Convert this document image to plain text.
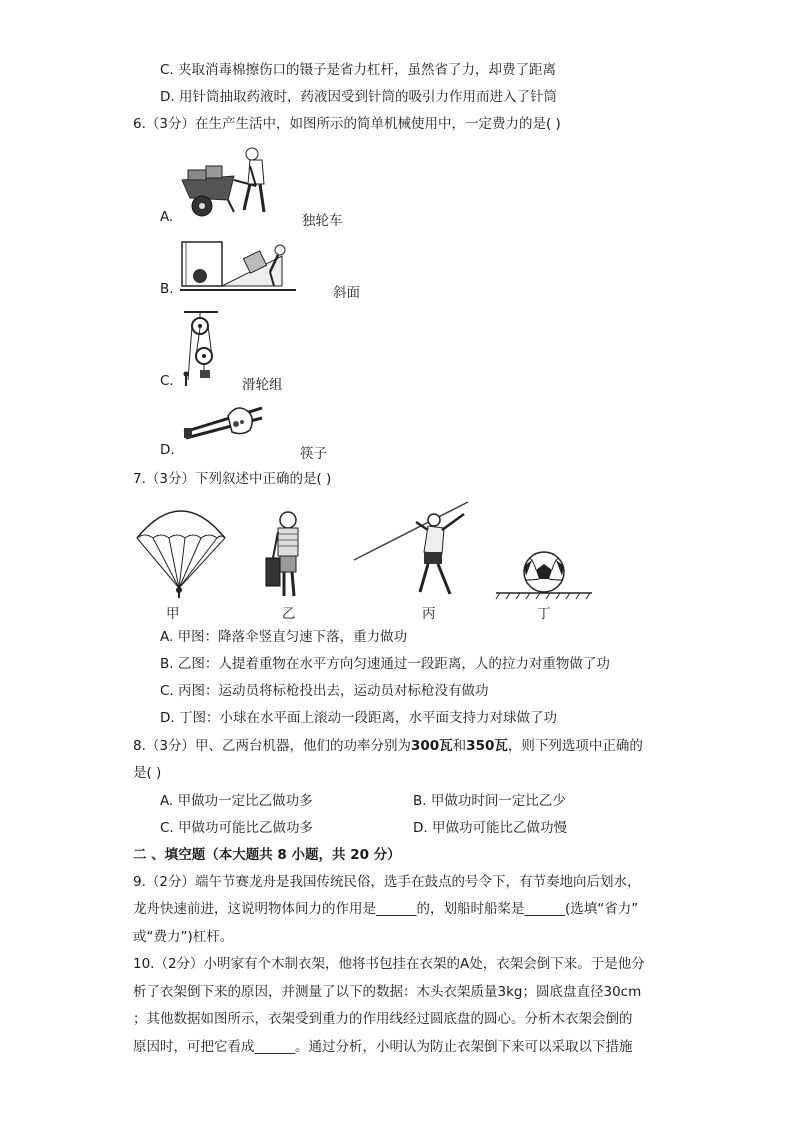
C. 夹取消毒棉擦伤口的镊子是省力杠杆，虽然省了力，却费了距离
D. 用针筒抽取药液时，药液因受到针筒的吸引力作用而进入了针筒
6.（3分）在生产生活中，如图所示的简单机械使用中，一定费力的是( )
A.	独轮车
B.	斜面
C.	滑轮组
D.	筷子
7.（3分）下列叙述中正确的是( )
甲	乙	丙	丁
A. 甲图：降落伞竖直匀速下落，重力做功
B. 乙图：人提着重物在水平方向匀速通过一段距离，人的拉力对重物做了功
C. 丙图：运动员将标枪投出去，运动员对标枪没有做功
D. 丁图：小球在水平面上滚动一段距离，水平面支持力对球做了功
8.（3分）甲、乙两台机器，他们的功率分别为300瓦和350瓦，则下列选项中正确的
是( )
A. 甲做功一定比乙做功多	B. 甲做功时间一定比乙少
C. 甲做功可能比乙做功多	D. 甲做功可能比乙做功慢
二 、填空题（本大题共 8 小题，共 20 分）
9.（2分）端午节赛龙舟是我国传统民俗，选手在鼓点的号令下，有节奏地向后划水，
龙舟快速前进，这说明物体间力的作用是______的，划船时船桨是______(选填“省力”
或“费力”)杠杆。
10.（2分）小明家有个木制衣架，他将书包挂在衣架的A处，衣架会倒下来。于是他分
析了衣架倒下来的原因，并测量了以下的数据：木头衣架质量3kg；圆底盘直径30cm
；其他数据如图所示，衣架受到重力的作用线经过圆底盘的圆心。分析木衣架会倒的
原因时，可把它看成______。通过分析，小明认为防止衣架倒下来可以采取以下措施
